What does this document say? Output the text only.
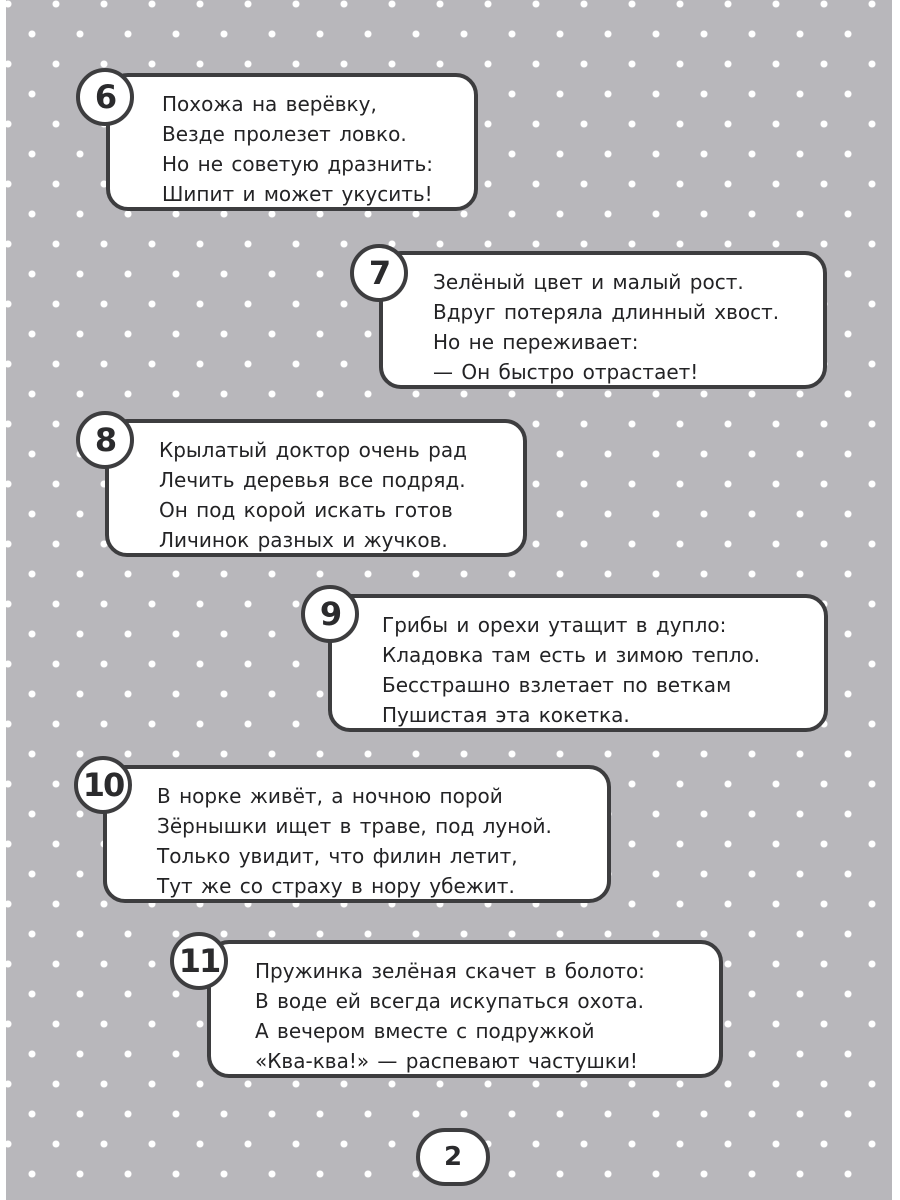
Похожа на верёвку,
Везде пролезет ловко.
Но не советую дразнить:
Шипит и может укусить!
6
Зелёный цвет и малый рост.
Вдруг потеряла длинный хвост.
Но не переживает:
— Он быстро отрастает!
7
Крылатый доктор очень рад
Лечить деревья все подряд.
Он под корой искать готов
Личинок разных и жучков.
8
Грибы и орехи утащит в дупло:
Кладовка там есть и зимою тепло.
Бесстрашно взлетает по веткам
Пушистая эта кокетка.
9
В норке живёт, а ночною порой
Зёрнышки ищет в траве, под луной.
Только увидит, что филин летит,
Тут же со страху в нору убежит.
10
Пружинка зелёная скачет в болото:
В воде ей всегда искупаться охота.
А вечером вместе с подружкой
«Ква-ква!» — распевают частушки!
11
2
